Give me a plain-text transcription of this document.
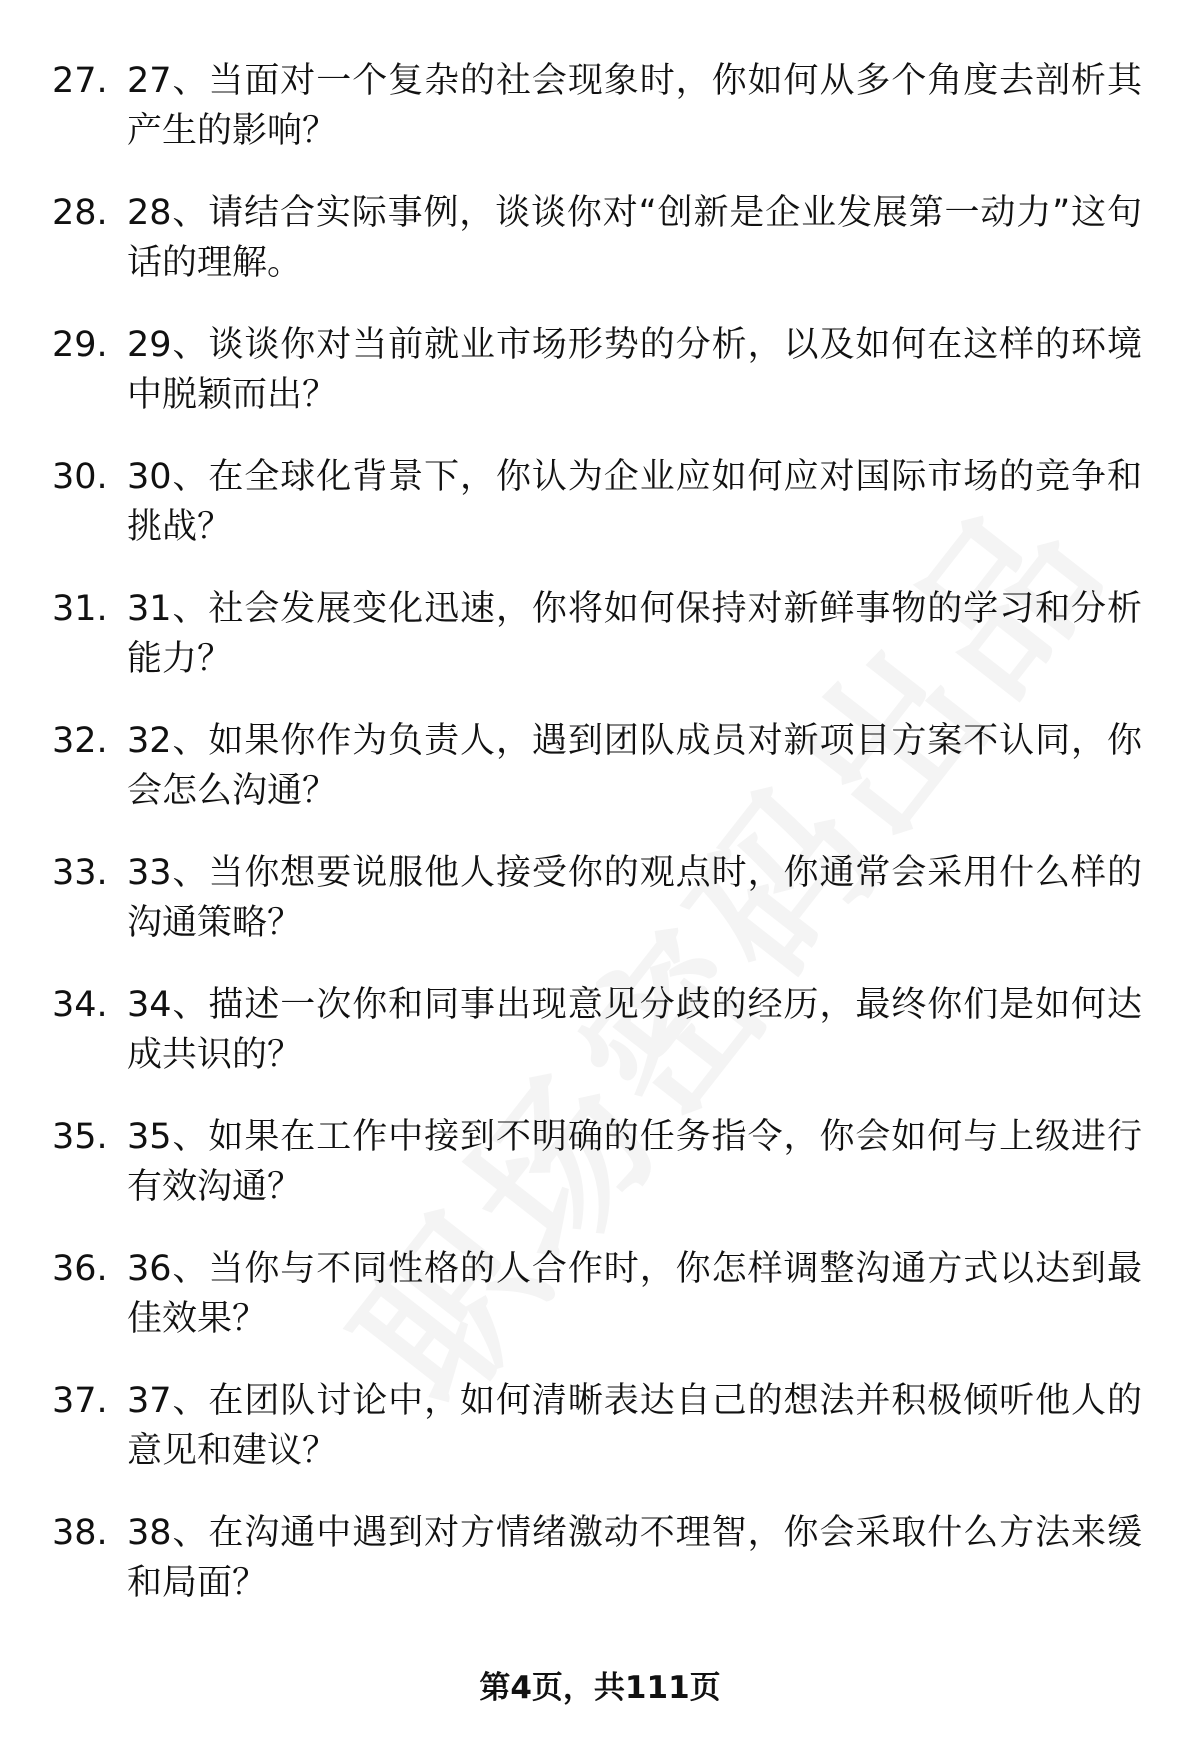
27. 27、当面对一个复杂的社会现象时，你如何从多个角度去剖析其产生的影响？
28. 28、请结合实际事例，谈谈你对“创新是企业发展第一动力”这句话的理解。
29. 29、谈谈你对当前就业市场形势的分析，以及如何在这样的环境中脱颖而出？
30. 30、在全球化背景下，你认为企业应如何应对国际市场的竞争和挑战？
31. 31、社会发展变化迅速，你将如何保持对新鲜事物的学习和分析能力？
32. 32、如果你作为负责人，遇到团队成员对新项目方案不认同，你会怎么沟通？
33. 33、当你想要说服他人接受你的观点时，你通常会采用什么样的沟通策略？
34. 34、描述一次你和同事出现意见分歧的经历，最终你们是如何达成共识的？
35. 35、如果在工作中接到不明确的任务指令，你会如何与上级进行有效沟通？
36. 36、当你与不同性格的人合作时，你怎样调整沟通方式以达到最佳效果？
37. 37、在团队讨论中，如何清晰表达自己的想法并积极倾听他人的意见和建议？
38. 38、在沟通中遇到对方情绪激动不理智，你会采取什么方法来缓和局面？
第4页，共111页
